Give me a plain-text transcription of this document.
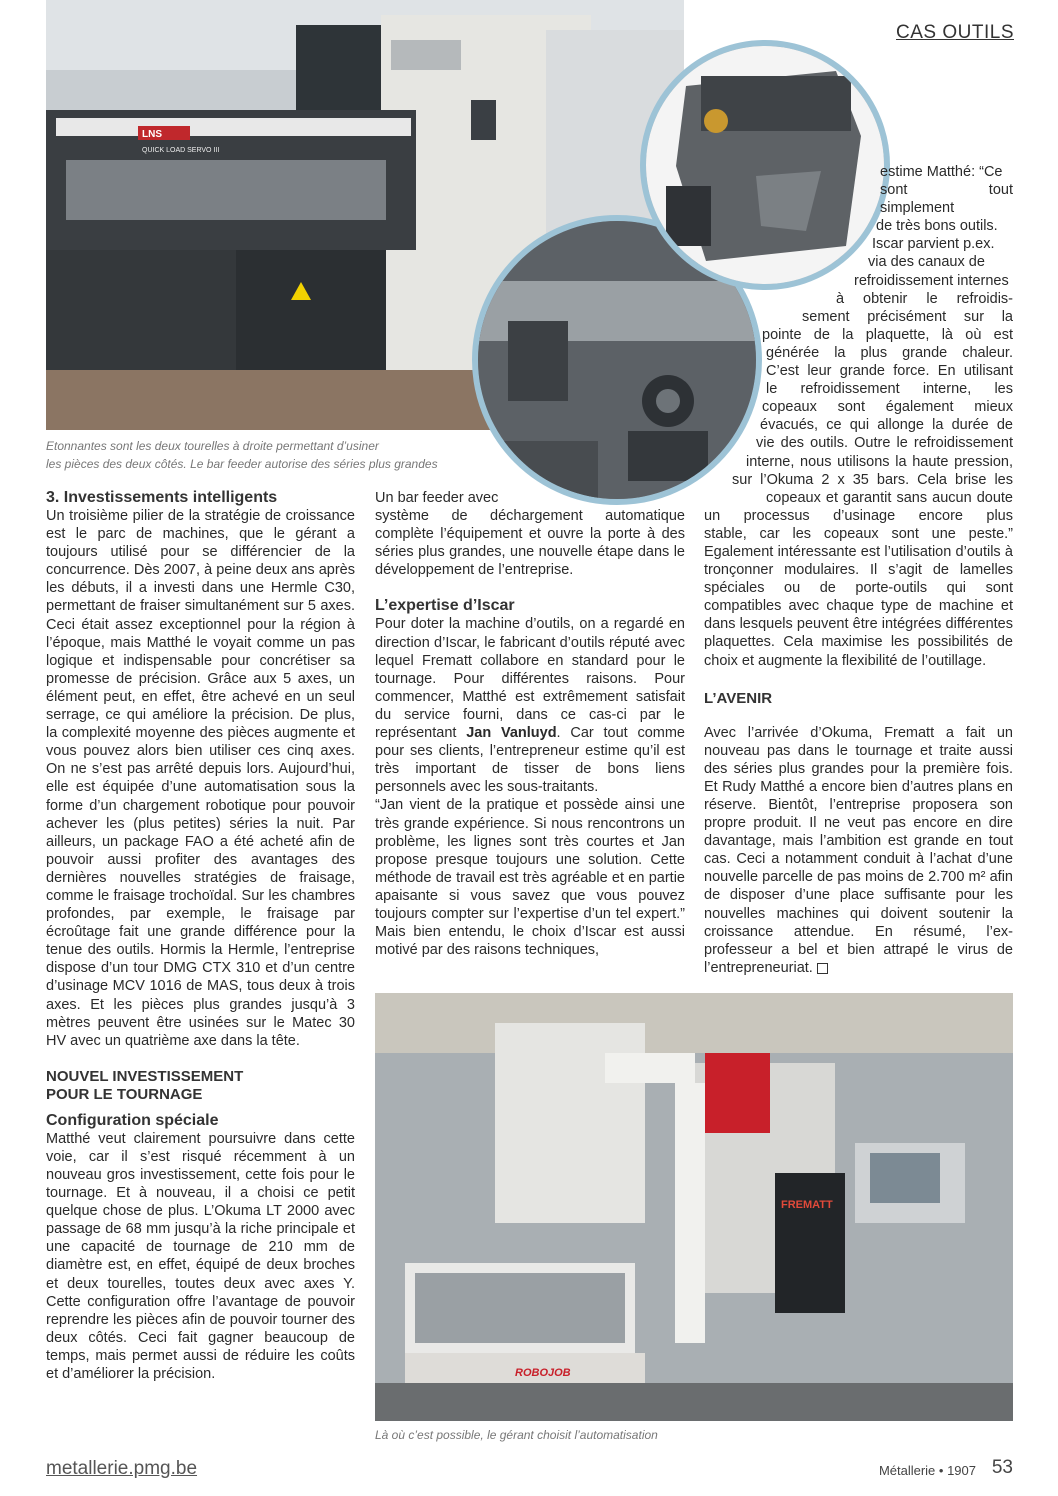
CAS OUTILS
LNS
QUICK LOAD SERVO III
Etonnantes sont les deux tourelles à droite permettant d’usiner
les pièces des deux côtés. Le bar feeder autorise des séries plus grandes
3. Investissements intelligents

Un troisième pilier de la stratégie de croissance est le parc de machines, que le gérant a toujours utilisé pour se différencier de la concurrence. Dès 2007, à peine deux ans après les débuts, il a investi dans une Hermle C30, permettant de fraiser simultanément sur 5 axes. Ceci était assez exceptionnel pour la région à l’époque, mais Matthé le voyait comme un pas logique et indispensable pour concrétiser sa promesse de précision. Grâce aux 5 axes, un élément peut, en effet, être achevé en un seul serrage, ce qui améliore la précision. De plus, la complexité moyenne des pièces augmente et vous pouvez alors bien utiliser ces cinq axes. On ne s’est pas arrêté depuis lors. Aujourd’hui, elle est équipée d’une automatisation sous la forme d’un chargement robotique pour pouvoir achever les (plus petites) séries la nuit. Par ailleurs, un package FAO a été acheté afin de pouvoir aussi profiter des avantages des dernières nouvelles stratégies de fraisage, comme le fraisage trochoïdal. Sur les chambres profondes, par exemple, le fraisage par écroûtage fait une grande différence pour la tenue des outils. Hormis la Hermle, l’entreprise dispose d’un tour DMG CTX 310 et d’un centre d’usinage MCV 1016 de MAS, tous deux à trois axes. Et les pièces plus grandes jusqu’à 3 mètres peuvent être usinées sur le Matec 30 HV avec un quatrième axe dans la tête.

NOUVEL INVESTISSEMENT
POUR LE TOURNAGE
Configuration spéciale

Matthé veut clairement poursuivre dans cette voie, car il s’est risqué récemment à un nouveau gros investissement, cette fois pour le tournage. Et à nouveau, il a choisi ce petit quelque chose de plus. L’Okuma LT 2000 avec passage de 68 mm jusqu’à la riche principale et une capacité de tournage de 210 mm de diamètre est, en effet, équipé de deux broches et deux tourelles, toutes deux avec axes Y. Cette configuration offre l’avantage de pouvoir reprendre les pièces afin de pouvoir tourner des deux côtés. Ceci fait gagner beaucoup de temps, mais permet aussi de réduire les coûts et d’améliorer la précision.

Un bar feeder avec

système de déchargement automatique complète l’équipement et ouvre la porte à des séries plus grandes, une nouvelle étape dans le développement de l’entreprise.

L’expertise d’Iscar

Pour doter la machine d’outils, on a regardé en direction d’Iscar, le fabricant d’outils réputé avec lequel Frematt collabore en standard pour le tournage. Pour différentes raisons. Pour commencer, Matthé est extrêmement satisfait du service fourni, dans ce cas-ci par le représentant Jan Vanluyd. Car tout comme pour ses clients, l’entrepreneur estime qu’il est très important de tisser de bons liens personnels avec les sous-traitants.

“Jan vient de la pratique et possède ainsi une très grande expérience. Si nous rencontrons un problème, les lignes sont très courtes et Jan propose presque toujours une solution. Cette méthode de travail est très agréable et en partie apaisante si vous savez que vous pouvez toujours compter sur l’expertise d’un tel expert.” Mais bien entendu, le choix d’Iscar est aussi motivé par des raisons techniques,

estime Matthé: “Ce
sont tout simplement
de très bons outils.
Iscar parvient p.ex.
via des canaux de
refroidissement internes
à obtenir le refroidis-
sement précisément sur la
pointe de la plaquette, là où est
générée la plus grande chaleur.
C’est leur grande force. En utilisant
le refroidissement interne, les
copeaux sont également mieux
évacués, ce qui allonge la durée de
vie des outils. Outre le refroidissement
interne, nous utilisons la haute pression,
sur l’Okuma 2 x 35 bars. Cela brise les
copeaux et garantit sans aucun doute
un processus d’usinage encore plus

stable, car les copeaux sont une peste.” Egalement intéressante est l’utilisation d’outils à tronçonner modulaires. Il s’agit de lamelles spéciales ou de porte-outils qui sont compatibles avec chaque type de machine et dans lesquels peuvent être intégrées différentes plaquettes. Cela maximise les possibilités de choix et augmente la flexibilité de l’outillage.

L’AVENIR

Avec l’arrivée d’Okuma, Frematt a fait un nouveau pas dans le tournage et traite aussi des séries plus grandes pour la première fois. Et Rudy Matthé a encore bien d’autres plans en réserve. Bientôt, l’entreprise proposera son propre produit. Il ne veut pas encore en dire davantage, mais l’ambition est grande en tout cas. Ceci a notamment conduit à l’achat d’une nouvelle parcelle de pas moins de 2.700 m² afin de disposer d’une place suffisante pour les nouvelles machines qui doivent soutenir la croissance attendue. En résumé, l’ex-professeur a bel et bien attrapé le virus de l’entrepreneuriat.

FREMATT
ROBOJOB
Là où c’est possible, le gérant choisit l’automatisation
metallerie.pmg.be	Métallerie • 1907 53
